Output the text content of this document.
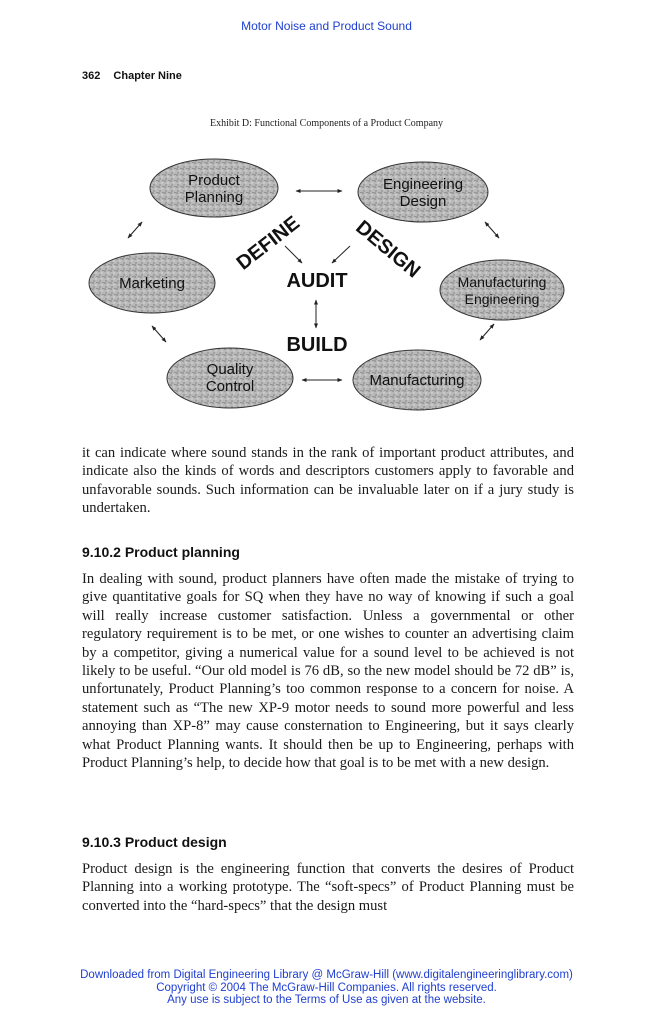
Motor Noise and Product Sound
362 Chapter Nine
Exhibit D: Functional Components of a Product Company
Product
Planning
Engineering
Design
Marketing	Manufacturing
Engineering
Quality
Control	Manufacturing
DEFINE DESIGN
AUDIT
BUILD

it can indicate where sound stands in the rank of important product attributes, and indicate also the kinds of words and descriptors customers apply to favorable and unfavorable sounds. Such information can be invaluable later on if a jury study is undertaken.

9.10.2 Product planning

In dealing with sound, product planners have often made the mistake of trying to give quantitative goals for SQ when they have no way of knowing if such a goal will really increase customer satisfaction. Unless a governmental or other regulatory requirement is to be met, or one wishes to counter an advertising claim by a competitor, giving a numerical value for a sound level to be achieved is not likely to be useful. “Our old model is 76 dB, so the new model should be 72 dB” is, unfortunately, Product Planning’s too common response to a concern for noise. A statement such as “The new XP-9 motor needs to sound more powerful and less annoying than XP-8” may cause consternation to Engineering, but it says clearly what Product Planning wants. It should then be up to Engineering, perhaps with Product Planning’s help, to decide how that goal is to be met with a new design.

9.10.3 Product design

Product design is the engineering function that converts the desires of Product Planning into a working prototype. The “soft-specs” of Product Planning must be converted into the “hard-specs” that the design must

Downloaded from Digital Engineering Library @ McGraw-Hill (www.digitalengineeringlibrary.com)
Copyright © 2004 The McGraw-Hill Companies. All rights reserved.
Any use is subject to the Terms of Use as given at the website.
